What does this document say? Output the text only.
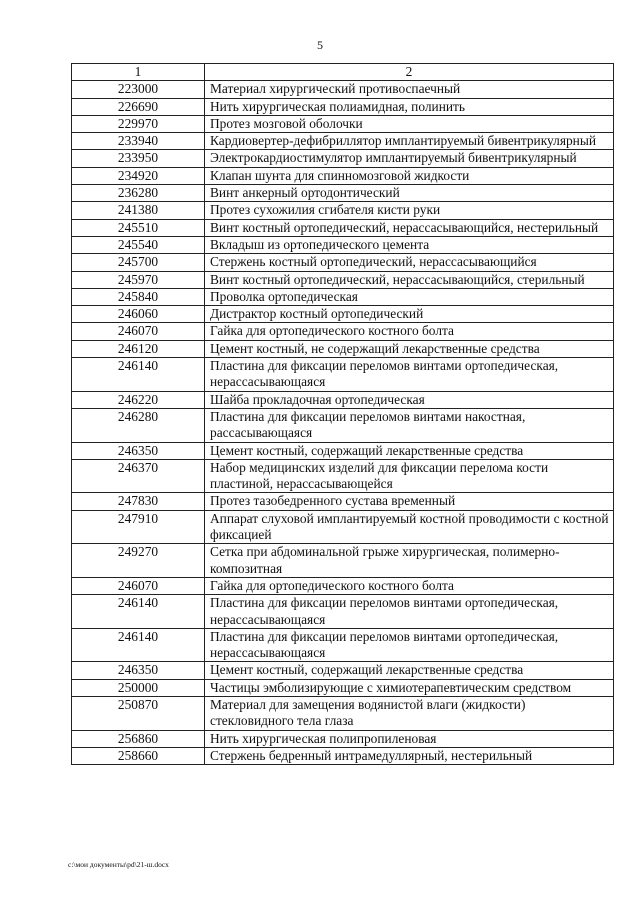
5
1	2
223000	Материал хирургический противоспаечный
226690	Нить хирургическая полиамидная, полинить
229970	Протез мозговой оболочки
233940	Кардиовертер-дефибриллятор имплантируемый бивентрикулярный
233950	Электрокардиостимулятор имплантируемый бивентрикулярный
234920	Клапан шунта для спинномозговой жидкости
236280	Винт анкерный ортодонтический
241380	Протез сухожилия сгибателя кисти руки
245510	Винт костный ортопедический, нерассасывающийся, нестерильный
245540	Вкладыш из ортопедического цемента
245700	Стержень костный ортопедический, нерассасывающийся
245970	Винт костный ортопедический, нерассасывающийся, стерильный
245840	Проволка ортопедическая
246060	Дистрактор костный ортопедический
246070	Гайка для ортопедического костного болта
246120	Цемент костный, не содержащий лекарственные средства
246140	Пластина для фиксации переломов винтами ортопедическая, нерассасывающаяся
246220	Шайба прокладочная ортопедическая
246280	Пластина для фиксации переломов винтами накостная, рассасывающаяся
246350	Цемент костный, содержащий лекарственные средства
246370	Набор медицинских изделий для фиксации перелома кости пластиной, нерассасывающейся
247830	Протез тазобедренного сустава временный
247910	Аппарат слуховой имплантируемый костной проводимости с костной фиксацией
249270	Сетка при абдоминальной грыже хирургическая, полимерно-композитная
246070	Гайка для ортопедического костного болта
246140	Пластина для фиксации переломов винтами ортопедическая, нерассасывающаяся
246140	Пластина для фиксации переломов винтами ортопедическая, нерассасывающаяся
246350	Цемент костный, содержащий лекарственные средства
250000	Частицы эмболизирующие с химиотерапевтическим средством
250870	Материал для замещения водянистой влаги (жидкости) стекловидного тела глаза
256860	Нить хирургическая полипропиленовая
258660	Стержень бедренный интрамедуллярный, нестерильный
c:\мои документы\pd\21-ш.docx
